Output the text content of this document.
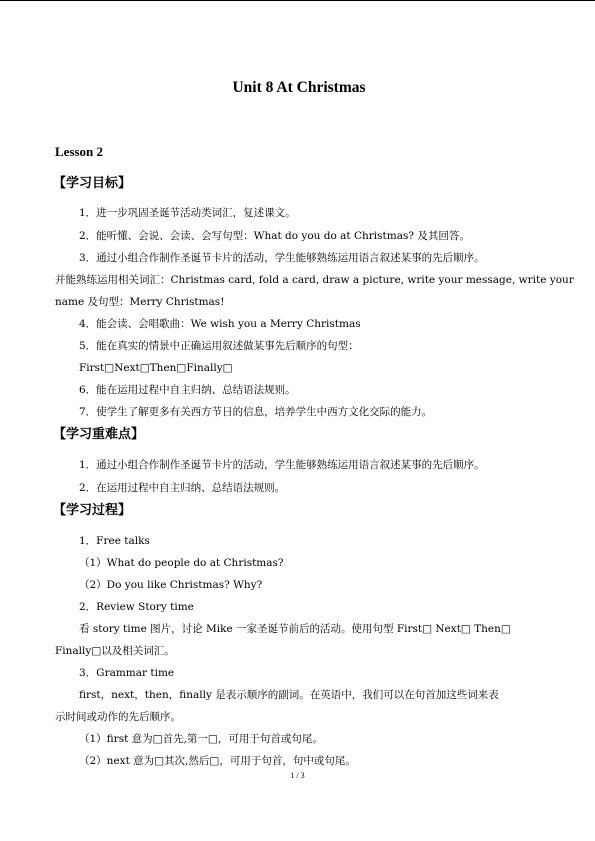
Unit 8 At Christmas
Lesson 2
【学习目标】
1．进一步巩固圣诞节活动类词汇，复述课文。
2．能听懂、会说、会读、会写句型：What do you do at Christmas? 及其回答。
3．通过小组合作制作圣诞节卡片的活动，学生能够熟练运用语言叙述某事的先后顺序。
并能熟练运用相关词汇：Christmas card, fold a card, draw a picture, write your message, write your
name 及句型：Merry Christmas!
4．能会读、会唱歌曲：We wish you a Merry Christmas
5．能在真实的情景中正确运用叙述做某事先后顺序的句型：
First□Next□Then□Finally□
6．能在运用过程中自主归纳、总结语法规则。
7．使学生了解更多有关西方节日的信息，培养学生中西方文化交际的能力。
【学习重难点】
1．通过小组合作制作圣诞节卡片的活动，学生能够熟练运用语言叙述某事的先后顺序。
2．在运用过程中自主归纳、总结语法规则。
【学习过程】
1．Free talks
（1）What do people do at Christmas?
（2）Do you like Christmas? Why?
2．Review Story time
看 story time 图片，讨论 Mike 一家圣诞节前后的活动。使用句型 First□ Next□ Then□
Finally□以及相关词汇。
3．Grammar time
first，next，then，finally 是表示顺序的副词。在英语中，我们可以在句首加这些词来表
示时间或动作的先后顺序。
（1）first 意为□首先,第一□，可用于句首或句尾。
（2）next 意为□其次,然后□，可用于句首，句中或句尾。
1 / 3
